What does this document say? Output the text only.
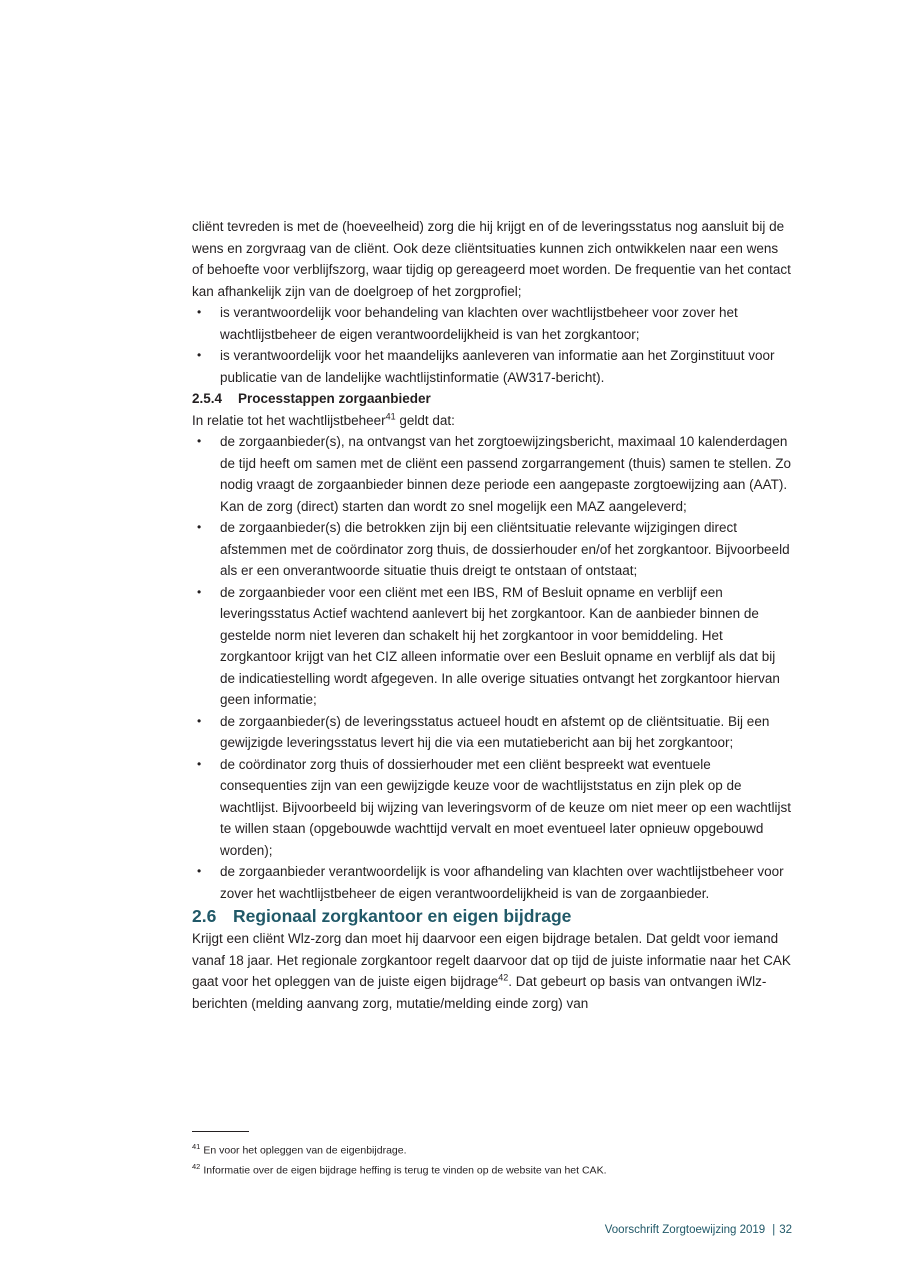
cliënt tevreden is met de (hoeveelheid) zorg die hij krijgt en of de leveringsstatus nog aansluit bij de wens en zorgvraag van de cliënt. Ook deze cliëntsituaties kunnen zich ontwikkelen naar een wens of behoefte voor verblijfszorg, waar tijdig op gereageerd moet worden. De frequentie van het contact kan afhankelijk zijn van de doelgroep of het zorgprofiel;

•	is verantwoordelijk voor behandeling van klachten over wachtlijstbeheer voor zover het wachtlijstbeheer de eigen verantwoordelijkheid is van het zorgkantoor;
•	is verantwoordelijk voor het maandelijks aanleveren van informatie aan het Zorginstituut voor publicatie van de landelijke wachtlijstinformatie (AW317-bericht).

2.5.4 Processtappen zorgaanbieder

In relatie tot het wachtlijstbeheer$^{41}$ geldt dat:

•	de zorgaanbieder(s), na ontvangst van het zorgtoewijzingsbericht, maximaal 10 kalenderdagen de tijd heeft om samen met de cliënt een passend zorgarrangement (thuis) samen te stellen. Zo nodig vraagt de zorgaanbieder binnen deze periode een aangepaste zorgtoewijzing aan (AAT). Kan de zorg (direct) starten dan wordt zo snel mogelijk een MAZ aangeleverd;
•	de zorgaanbieder(s) die betrokken zijn bij een cliëntsituatie relevante wijzigingen direct afstemmen met de coördinator zorg thuis, de dossierhouder en/of het zorgkantoor. Bijvoorbeeld als er een onverantwoorde situatie thuis dreigt te ontstaan of ontstaat;
•	de zorgaanbieder voor een cliënt met een IBS, RM of Besluit opname en verblijf een leveringsstatus Actief wachtend aanlevert bij het zorgkantoor. Kan de aanbieder binnen de gestelde norm niet leveren dan schakelt hij het zorgkantoor in voor bemiddeling. Het zorgkantoor krijgt van het CIZ alleen informatie over een Besluit opname en verblijf als dat bij de indicatiestelling wordt afgegeven. In alle overige situaties ontvangt het zorgkantoor hiervan geen informatie;
•	de zorgaanbieder(s) de leveringsstatus actueel houdt en afstemt op de cliëntsituatie. Bij een gewijzigde leveringsstatus levert hij die via een mutatiebericht aan bij het zorgkantoor;
•	de coördinator zorg thuis of dossierhouder met een cliënt bespreekt wat eventuele consequenties zijn van een gewijzigde keuze voor de wachtlijststatus en zijn plek op de wachtlijst. Bijvoorbeeld bij wijzing van leveringsvorm of de keuze om niet meer op een wachtlijst te willen staan (opgebouwde wachttijd vervalt en moet eventueel later opnieuw opgebouwd worden);
•	de zorgaanbieder verantwoordelijk is voor afhandeling van klachten over wachtlijstbeheer voor zover het wachtlijstbeheer de eigen verantwoordelijkheid is van de zorgaanbieder.

2.6 Regionaal zorgkantoor en eigen bijdrage

Krijgt een cliënt Wlz-zorg dan moet hij daarvoor een eigen bijdrage betalen. Dat geldt voor iemand vanaf 18 jaar. Het regionale zorgkantoor regelt daarvoor dat op tijd de juiste informatie naar het CAK gaat voor het opleggen van de juiste eigen bijdrage$^{42}$. Dat gebeurt op basis van ontvangen iWlz-berichten (melding aanvang zorg, mutatie/melding einde zorg) van

$^{41}$ En voor het opleggen van de eigenbijdrage.
$^{42}$ Informatie over de eigen bijdrage heffing is terug te vinden op de website van het CAK.
Voorschrift Zorgtoewijzing 2019 | 32
